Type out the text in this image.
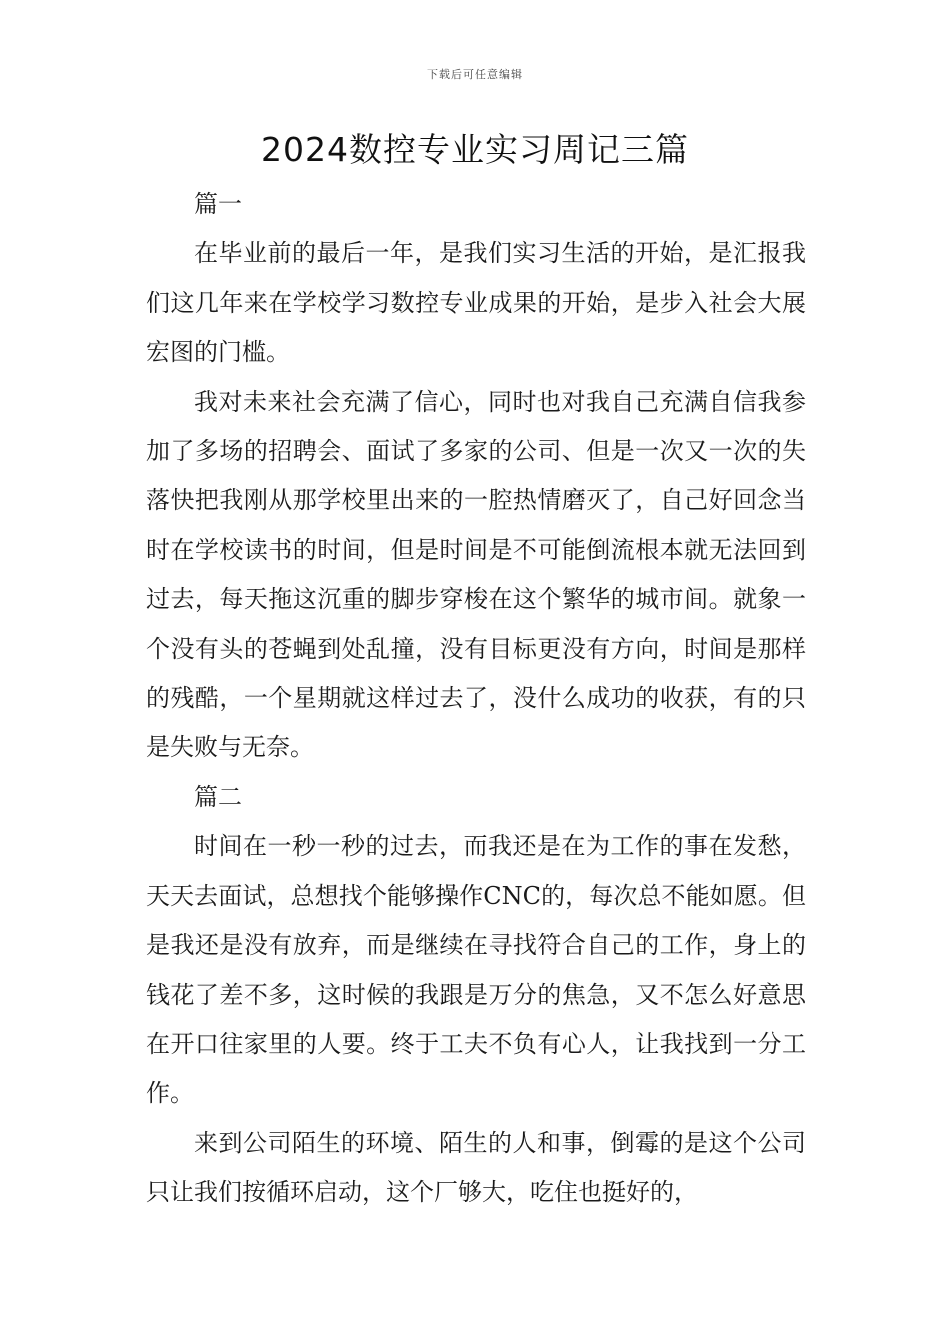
下载后可任意编辑
2024数控专业实习周记三篇

篇一

在毕业前的最后一年，是我们实习生活的开始，是汇报我们这几年来在学校学习数控专业成果的开始，是步入社会大展宏图的门槛。

我对未来社会充满了信心，同时也对我自己充满自信我参加了多场的招聘会、面试了多家的公司、但是一次又一次的失落快把我刚从那学校里出来的一腔热情磨灭了，自己好回念当时在学校读书的时间，但是时间是不可能倒流根本就无法回到过去，每天拖这沉重的脚步穿梭在这个繁华的城市间。就象一个没有头的苍蝇到处乱撞，没有目标更没有方向，时间是那样的残酷，一个星期就这样过去了，没什么成功的收获，有的只是失败与无奈。

篇二

时间在一秒一秒的过去，而我还是在为工作的事在发愁，天天去面试，总想找个能够操作CNC的，每次总不能如愿。但是我还是没有放弃，而是继续在寻找符合自己的工作，身上的钱花了差不多，这时候的我跟是万分的焦急，又不怎么好意思在开口往家里的人要。终于工夫不负有心人，让我找到一分工作。

来到公司陌生的环境、陌生的人和事，倒霉的是这个公司只让我们按循环启动，这个厂够大，吃住也挺好的，
